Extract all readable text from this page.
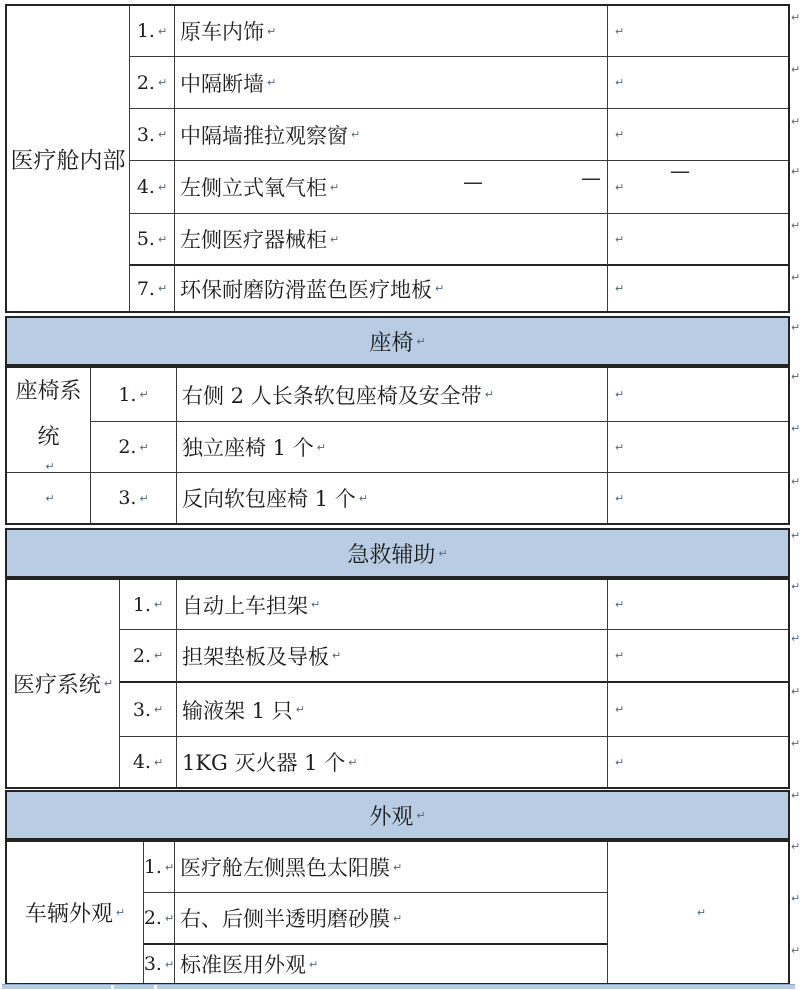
医疗舱内部
1. ↵ 原车内饰 ↵	↵
2. ↵ 中隔断墙 ↵	↵
3. ↵ 中隔墙推拉观察窗 ↵	↵
4. ↵ 左侧立式氧气柜 ↵	↵
5. ↵ 左侧医疗器械柜 ↵	↵
7. ↵ 环保耐磨防滑蓝色医疗地板 ↵	↵
—	—	—
座椅 ↵
座椅系统
↵
↵
1. ↵ 右侧 2 人长条软包座椅及安全带 ↵	↵
2. ↵ 独立座椅 1 个 ↵	↵
3. ↵ 反向软包座椅 1 个 ↵	↵
急救辅助 ↵
医疗系统 ↵
1. ↵ 自动上车担架 ↵	↵
2. ↵ 担架垫板及导板 ↵	↵
3. ↵ 输液架 1 只 ↵	↵
4. ↵ 1KG 灭火器 1 个 ↵	↵
外观 ↵
车辆外观 ↵
1. ↵ 医疗舱左侧黑色太阳膜 ↵
↵
2. ↵ 右、后侧半透明磨砂膜 ↵
3. ↵ 标准医用外观 ↵
↵
↵
↵
↵
↵
↵
↵
↵
↵
↵
↵
↵
↵
↵
↵
↵
↵
↵
↵
